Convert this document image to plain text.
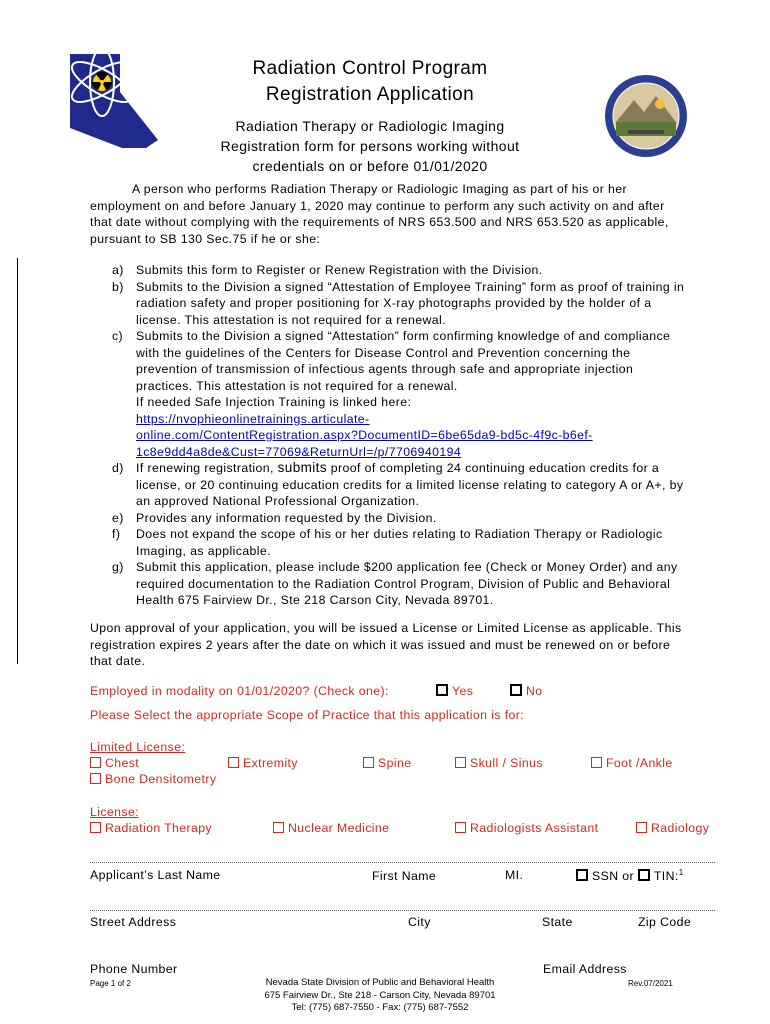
Radiation Control Program
Registration Application
Radiation Therapy or Radiologic Imaging
Registration form for persons working without
credentials on or before 01/01/2020
A person who performs Radiation Therapy or Radiologic Imaging as part of his or her employment on and before January 1, 2020 may continue to perform any such activity on and after that date without complying with the requirements of NRS 653.500 and NRS 653.520 as applicable, pursuant to SB 130 Sec.75 if he or she:
a) Submits this form to Register or Renew Registration with the Division.
b) Submits to the Division a signed “Attestation of Employee Training” form as proof of training in radiation safety and proper positioning for X-ray photographs provided by the holder of a license. This attestation is not required for a renewal.
c) Submits to the Division a signed “Attestation” form confirming knowledge of and compliance with the guidelines of the Centers for Disease Control and Prevention concerning the prevention of transmission of infectious agents through safe and appropriate injection practices. This attestation is not required for a renewal.
If needed Safe Injection Training is linked here:
https://nvophieonlinetrainings.articulate-
online.com/ContentRegistration.aspx?DocumentID=6be65da9-bd5c-4f9c-b6ef-
1c8e9dd4a8de&Cust=77069&ReturnUrl=/p/7706940194
d) If renewing registration, submits proof of completing 24 continuing education credits for a license, or 20 continuing education credits for a limited license relating to category A or A+, by an approved National Professional Organization.
e) Provides any information requested by the Division.
f) Does not expand the scope of his or her duties relating to Radiation Therapy or Radiologic Imaging, as applicable.
g) Submit this application, please include $200 application fee (Check or Money Order) and any required documentation to the Radiation Control Program, Division of Public and Behavioral Health 675 Fairview Dr., Ste 218 Carson City, Nevada 89701.
Upon approval of your application, you will be issued a License or Limited License as applicable. This registration expires 2 years after the date on which it was issued and must be renewed on or before that date.
Employed in modality on 01/01/2020? (Check one):	Yes	No
Please Select the appropriate Scope of Practice that this application is for:
Limited License:
Chest	Extremity	Spine	Skull / Sinus	Foot /Ankle
Bone Densitometry
License:
Radiation Therapy	Nuclear Medicine	Radiologists Assistant	Radiology
Applicant’s Last Name	First Name	MI.	SSN or TIN:$^1$
Street Address	City	State	Zip Code
Phone Number	Email Address
Page 1 of 2	Nevada State Division of Public and Behavioral Health
675 Fairview Dr., Ste 218 - Carson City, Nevada 89701
Tel: (775) 687-7550 - Fax: (775) 687-7552
Rev.07/2021
